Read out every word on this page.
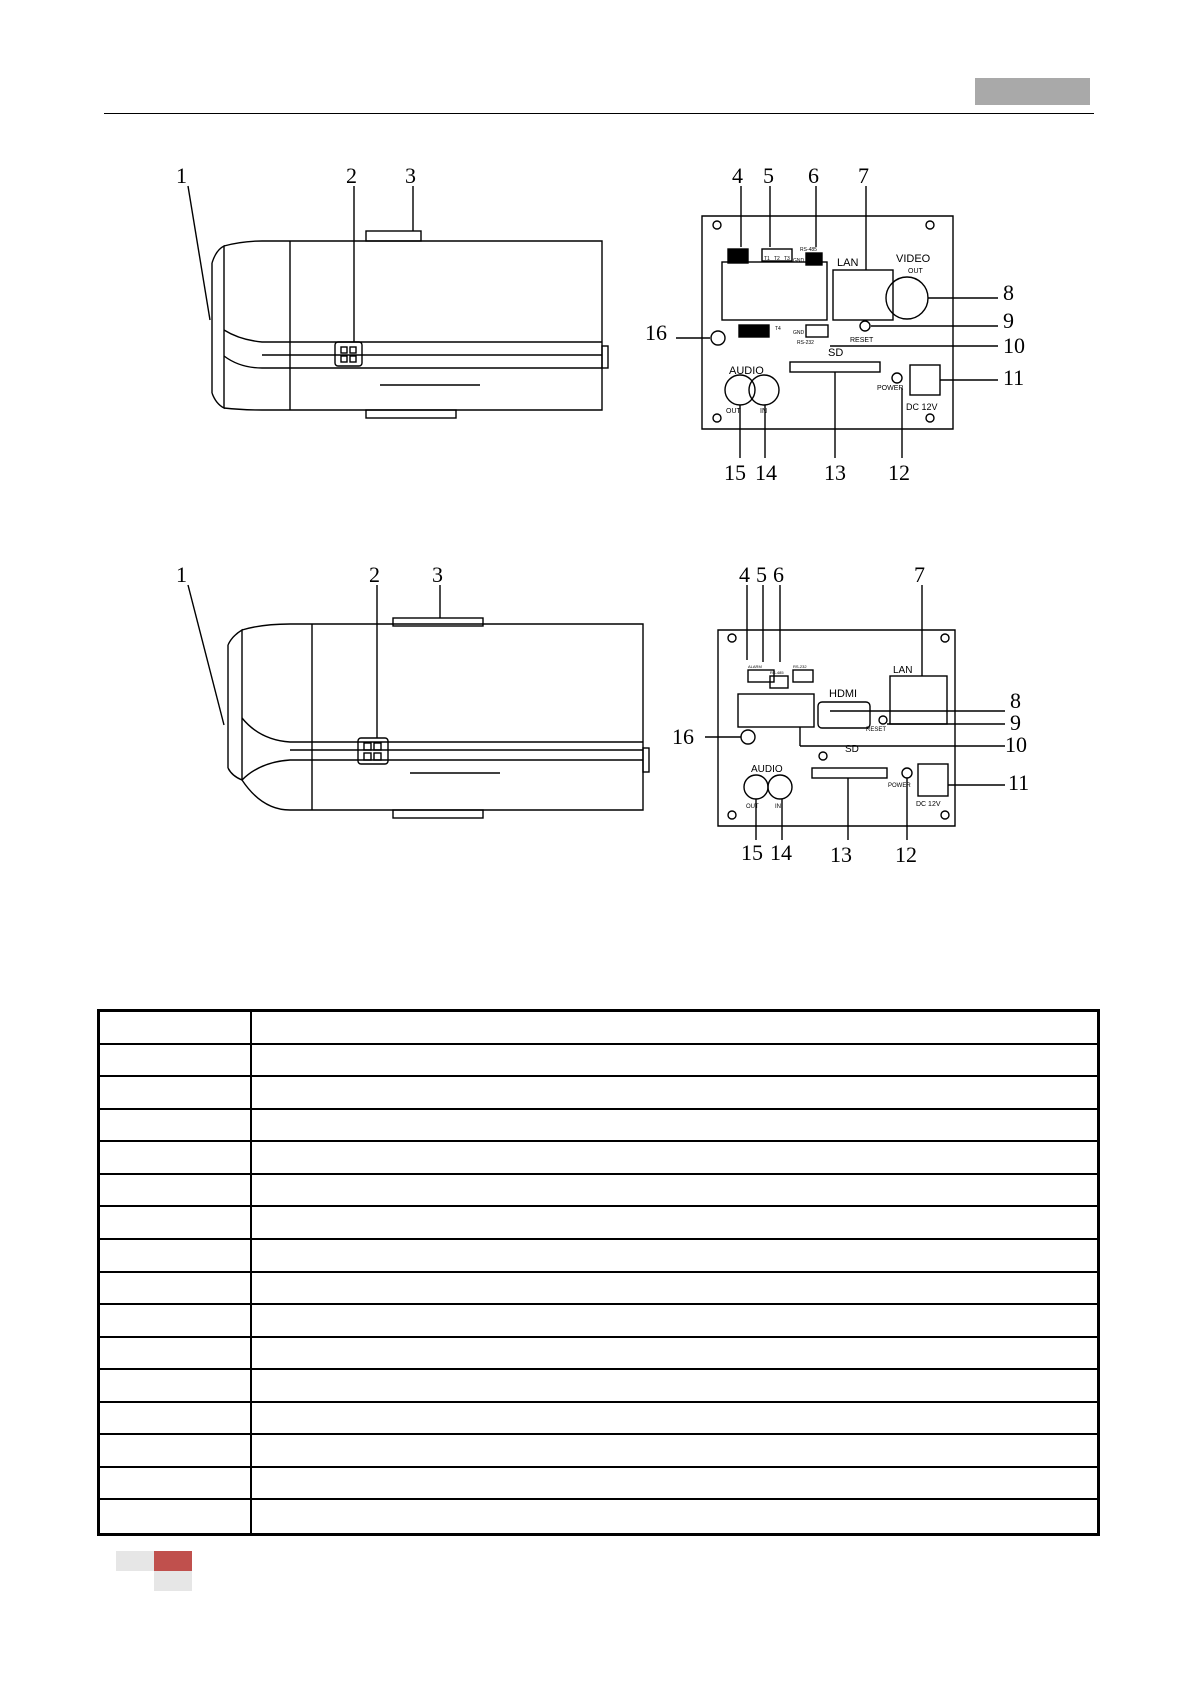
1	2 3	4 5 6 7
8
9
10
11
12
13
14
15
16
LAN	VIDEO
OUT
RESET
SD
AUDIO
OUT	IN
POWER
DC 12V
RS-485
RS-232
GND
GND
T1 T2 T3
T4
D+ D-
1	2 3	4 5 6	7
8
9
10
11
12
13
14
15
16
LAN
HDMI
RESET
SD
AUDIO
OUT	IN
POWER
DC 12V
ALARM
RS-485
RS-232
